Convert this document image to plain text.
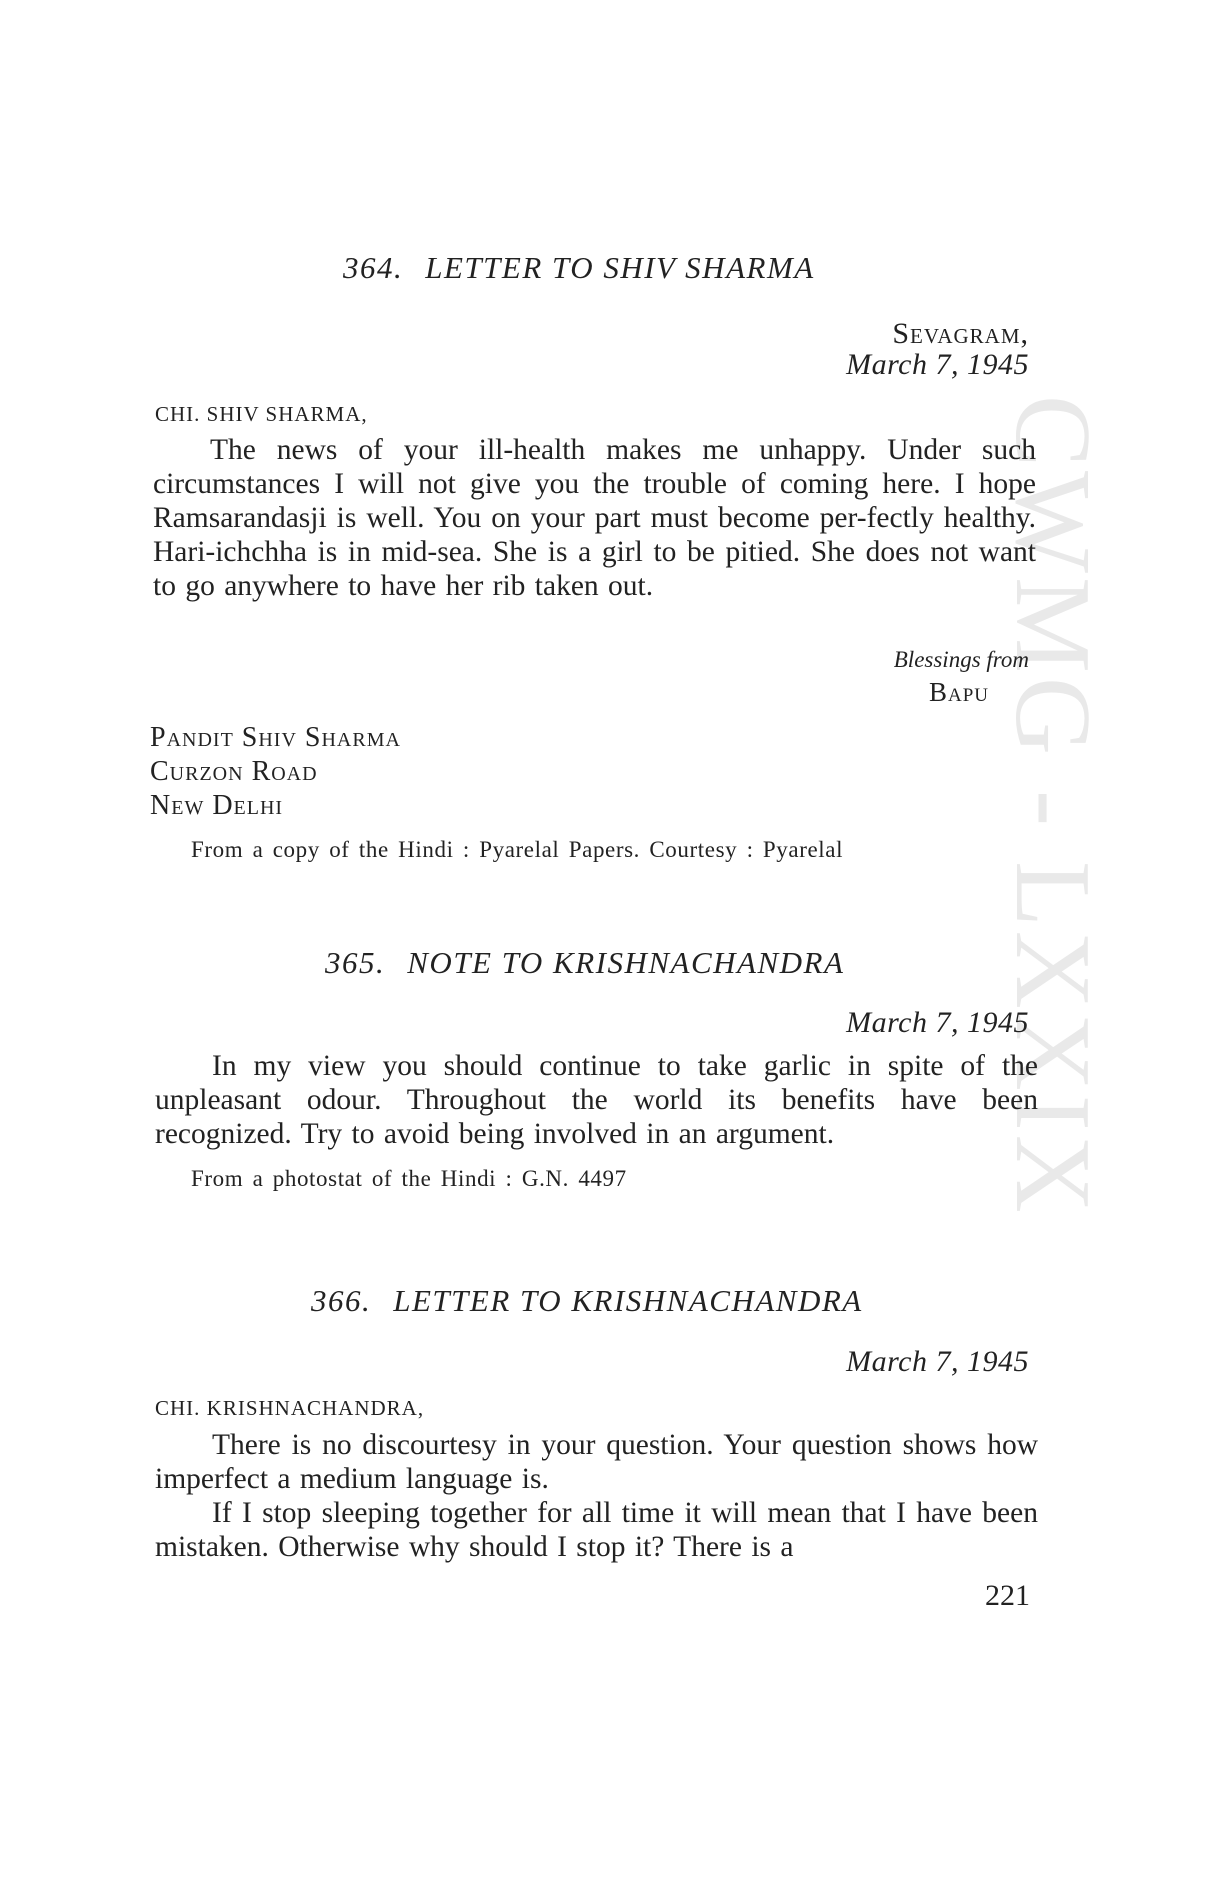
CWMG - LXXIX
364. LETTER TO SHIV SHARMA
Sevagram,
March 7, 1945
CHI. SHIV SHARMA,
The news of your ill-health makes me unhappy. Under such circumstances I will not give you the trouble of coming here. I hope Ramsarandasji is well. You on your part must become per-fectly healthy. Hari-ichchha is in mid-sea. She is a girl to be pitied. She does not want to go anywhere to have her rib taken out.
Blessings from
Bapu
Pandit Shiv Sharma
Curzon Road
New Delhi
From a copy of the Hindi : Pyarelal Papers. Courtesy : Pyarelal
365. NOTE TO KRISHNACHANDRA
March 7, 1945
In my view you should continue to take garlic in spite of the unpleasant odour. Throughout the world its benefits have been recognized. Try to avoid being involved in an argument.
From a photostat of the Hindi : G.N. 4497
366. LETTER TO KRISHNACHANDRA
March 7, 1945
CHI. KRISHNACHANDRA,
There is no discourtesy in your question. Your question shows how imperfect a medium language is.
If I stop sleeping together for all time it will mean that I have been mistaken. Otherwise why should I stop it? There is a
221
